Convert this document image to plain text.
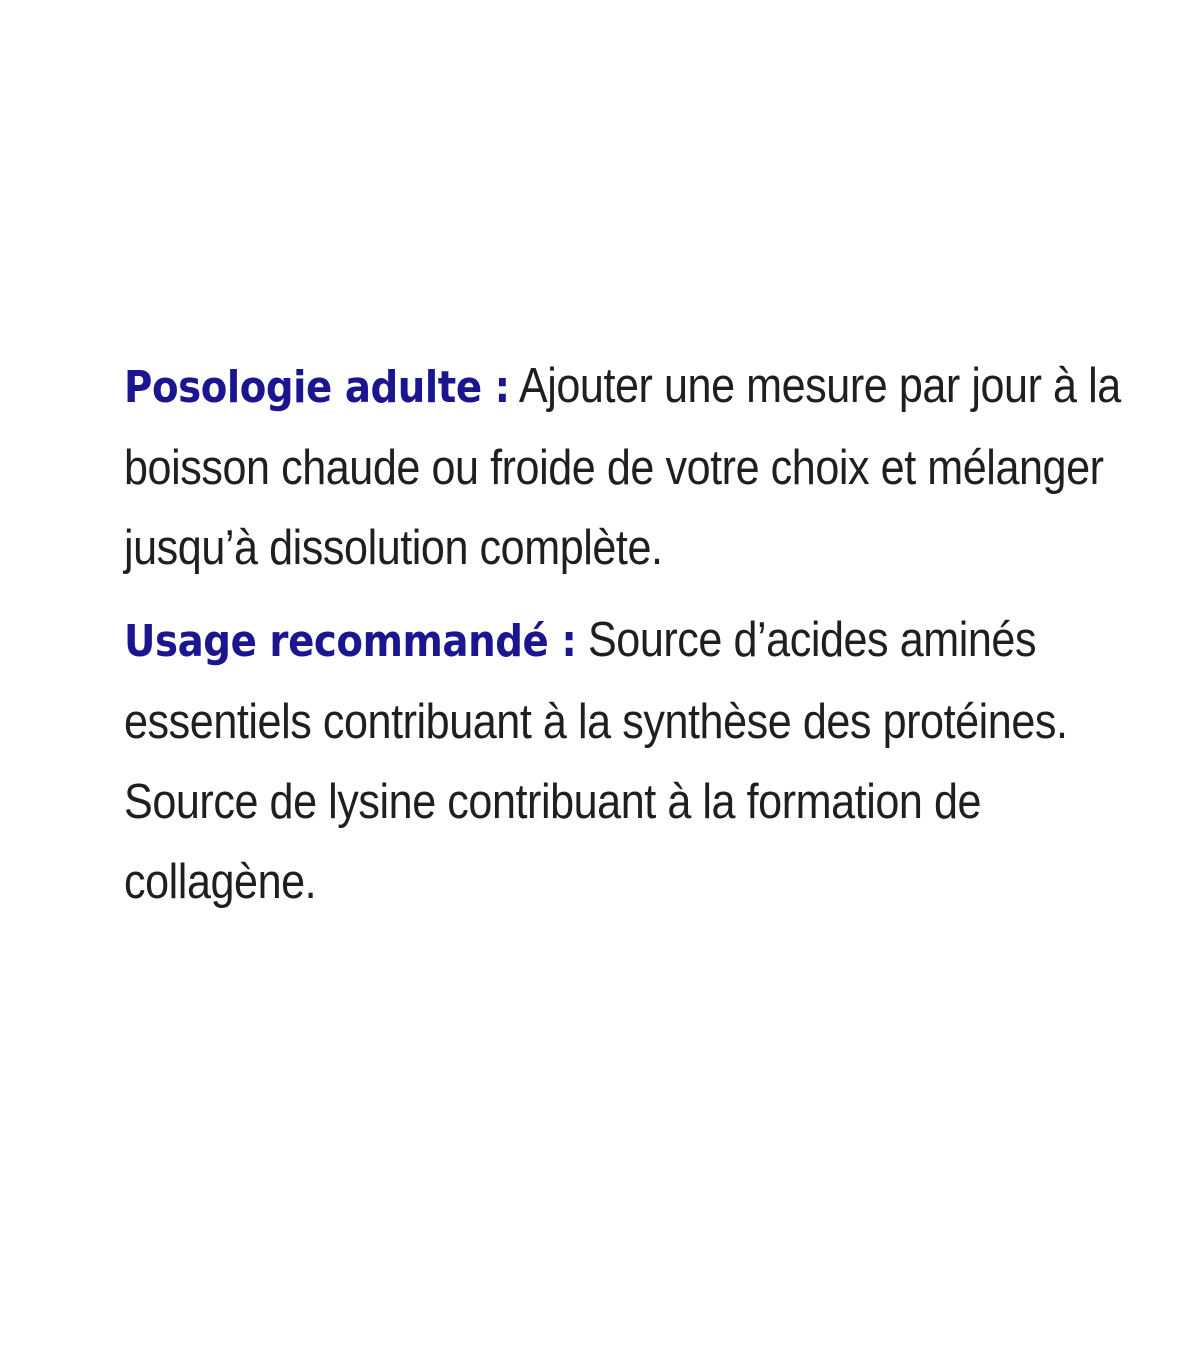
Posologie adulte : Ajouter une mesure par jour à la boisson chaude ou froide de votre choix et mélanger jusqu’à dissolution complète.

Usage recommandé : Source d’acides aminés essentiels contribuant à la synthèse des protéines. Source de lysine contribuant à la formation de collagène.
